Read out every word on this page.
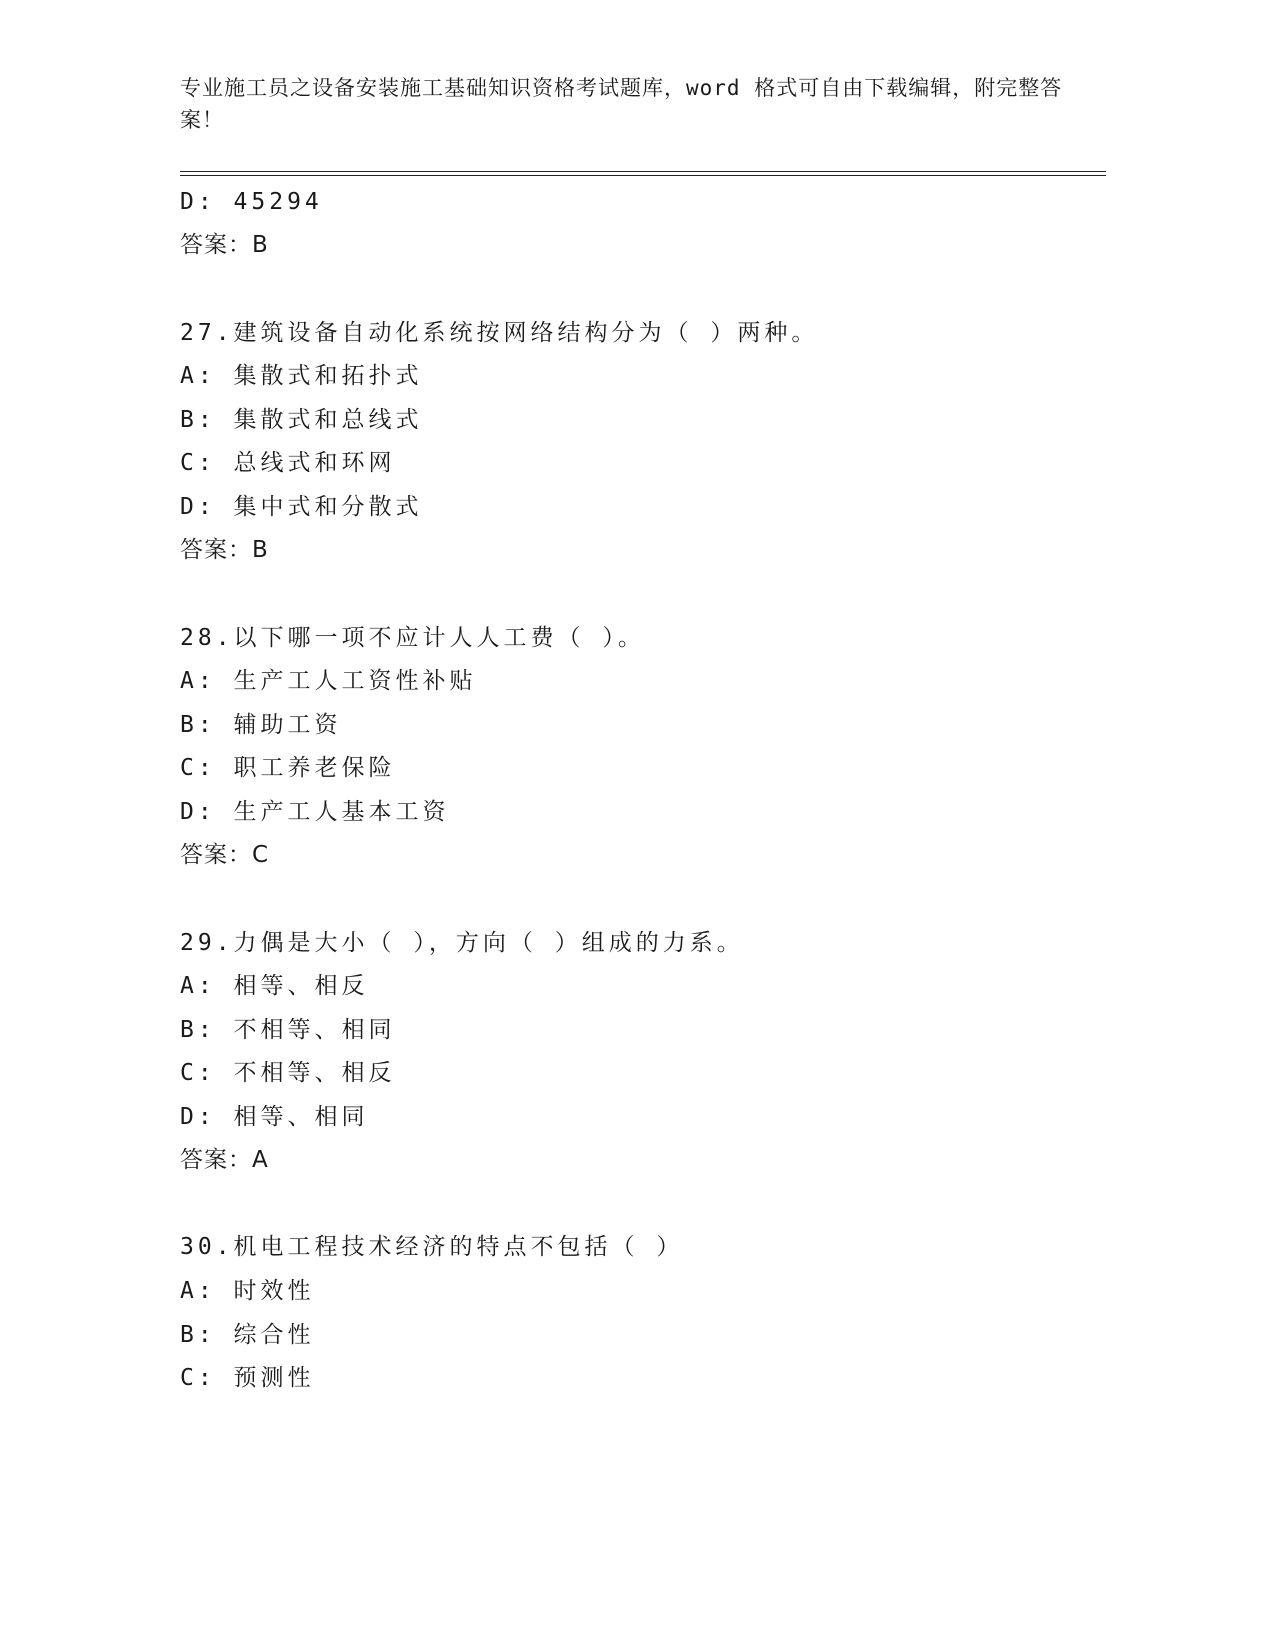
专业施工员之设备安装施工基础知识资格考试题库，word 格式可自由下载编辑，附完整答案！
D: 45294
答案：B
27.建筑设备自动化系统按网络结构分为（ ）两种。
A: 集散式和拓扑式
B: 集散式和总线式
C: 总线式和环网
D: 集中式和分散式
答案：B
28.以下哪一项不应计人人工费（ ）。
A: 生产工人工资性补贴
B: 辅助工资
C: 职工养老保险
D: 生产工人基本工资
答案：C
29.力偶是大小（ ），方向（ ）组成的力系。
A: 相等、相反
B: 不相等、相同
C: 不相等、相反
D: 相等、相同
答案：A
30.机电工程技术经济的特点不包括（ ）
A: 时效性
B: 综合性
C: 预测性
